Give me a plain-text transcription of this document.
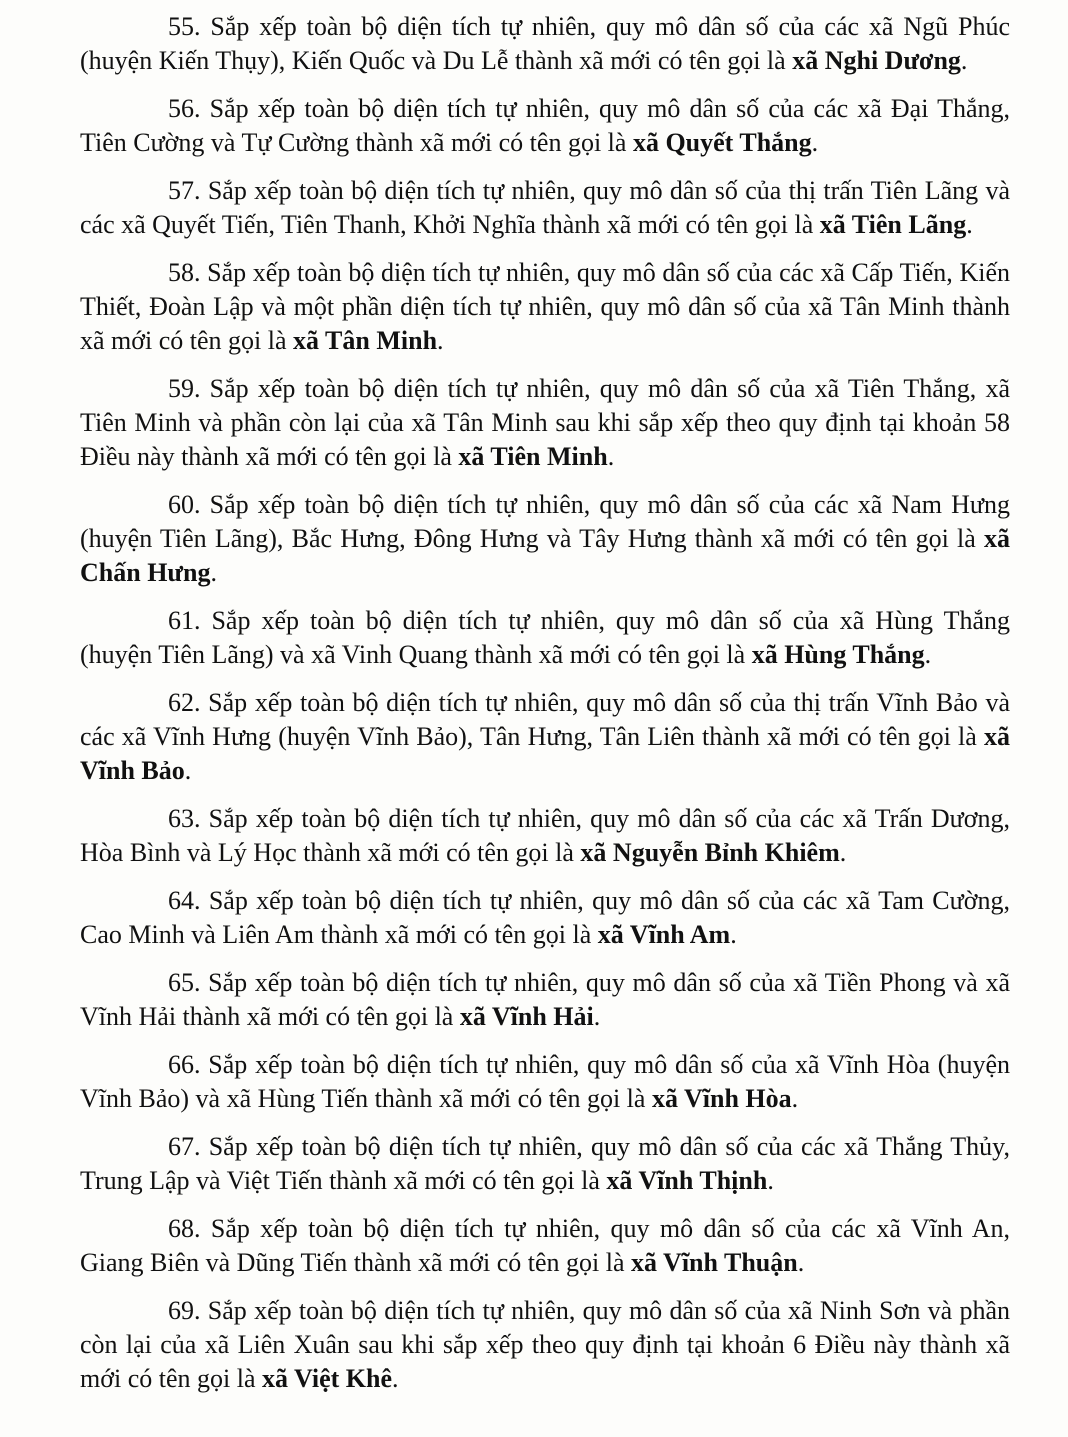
55. Sắp xếp toàn bộ diện tích tự nhiên, quy mô dân số của các xã Ngũ Phúc (huyện Kiến Thụy), Kiến Quốc và Du Lễ thành xã mới có tên gọi là xã Nghi Dương.

56. Sắp xếp toàn bộ diện tích tự nhiên, quy mô dân số của các xã Đại Thắng, Tiên Cường và Tự Cường thành xã mới có tên gọi là xã Quyết Thắng.

57. Sắp xếp toàn bộ diện tích tự nhiên, quy mô dân số của thị trấn Tiên Lãng và các xã Quyết Tiến, Tiên Thanh, Khởi Nghĩa thành xã mới có tên gọi là xã Tiên Lãng.

58. Sắp xếp toàn bộ diện tích tự nhiên, quy mô dân số của các xã Cấp Tiến, Kiến Thiết, Đoàn Lập và một phần diện tích tự nhiên, quy mô dân số của xã Tân Minh thành xã mới có tên gọi là xã Tân Minh.

59. Sắp xếp toàn bộ diện tích tự nhiên, quy mô dân số của xã Tiên Thắng, xã Tiên Minh và phần còn lại của xã Tân Minh sau khi sắp xếp theo quy định tại khoản 58 Điều này thành xã mới có tên gọi là xã Tiên Minh.

60. Sắp xếp toàn bộ diện tích tự nhiên, quy mô dân số của các xã Nam Hưng (huyện Tiên Lãng), Bắc Hưng, Đông Hưng và Tây Hưng thành xã mới có tên gọi là xã Chấn Hưng.

61. Sắp xếp toàn bộ diện tích tự nhiên, quy mô dân số của xã Hùng Thắng (huyện Tiên Lãng) và xã Vinh Quang thành xã mới có tên gọi là xã Hùng Thắng.

62. Sắp xếp toàn bộ diện tích tự nhiên, quy mô dân số của thị trấn Vĩnh Bảo và các xã Vĩnh Hưng (huyện Vĩnh Bảo), Tân Hưng, Tân Liên thành xã mới có tên gọi là xã Vĩnh Bảo.

63. Sắp xếp toàn bộ diện tích tự nhiên, quy mô dân số của các xã Trấn Dương, Hòa Bình và Lý Học thành xã mới có tên gọi là xã Nguyễn Bỉnh Khiêm.

64. Sắp xếp toàn bộ diện tích tự nhiên, quy mô dân số của các xã Tam Cường, Cao Minh và Liên Am thành xã mới có tên gọi là xã Vĩnh Am.

65. Sắp xếp toàn bộ diện tích tự nhiên, quy mô dân số của xã Tiền Phong và xã Vĩnh Hải thành xã mới có tên gọi là xã Vĩnh Hải.

66. Sắp xếp toàn bộ diện tích tự nhiên, quy mô dân số của xã Vĩnh Hòa (huyện Vĩnh Bảo) và xã Hùng Tiến thành xã mới có tên gọi là xã Vĩnh Hòa.

67. Sắp xếp toàn bộ diện tích tự nhiên, quy mô dân số của các xã Thắng Thủy, Trung Lập và Việt Tiến thành xã mới có tên gọi là xã Vĩnh Thịnh.

68. Sắp xếp toàn bộ diện tích tự nhiên, quy mô dân số của các xã Vĩnh An, Giang Biên và Dũng Tiến thành xã mới có tên gọi là xã Vĩnh Thuận.

69. Sắp xếp toàn bộ diện tích tự nhiên, quy mô dân số của xã Ninh Sơn và phần còn lại của xã Liên Xuân sau khi sắp xếp theo quy định tại khoản 6 Điều này thành xã mới có tên gọi là xã Việt Khê.
